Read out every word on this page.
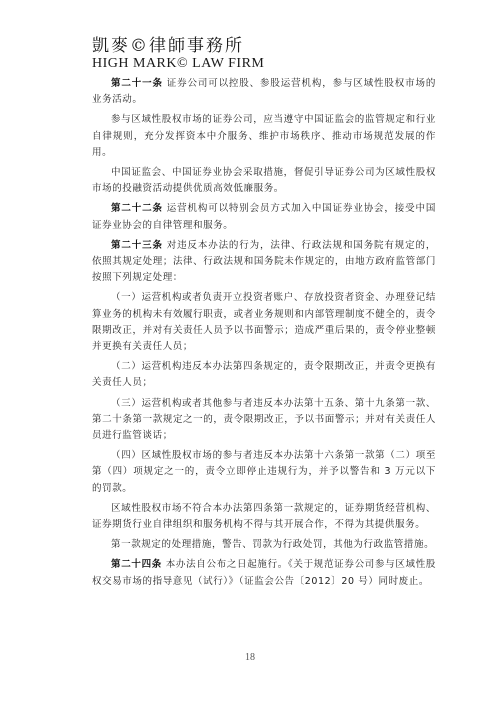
凱麥©律師事務所
HIGH MARK© LAW FIRM

第二十一条 证券公司可以控股、参股运营机构，参与区域性股权市场的业务活动。

参与区域性股权市场的证券公司，应当遵守中国证监会的监管规定和行业自律规则，充分发挥资本中介服务、维护市场秩序、推动市场规范发展的作用。

中国证监会、中国证券业协会采取措施，督促引导证券公司为区域性股权市场的投融资活动提供优质高效低廉服务。

第二十二条 运营机构可以特别会员方式加入中国证券业协会，接受中国证券业协会的自律管理和服务。

第二十三条 对违反本办法的行为，法律、行政法规和国务院有规定的，依照其规定处理；法律、行政法规和国务院未作规定的，由地方政府监管部门按照下列规定处理：

（一）运营机构或者负责开立投资者账户、存放投资者资金、办理登记结算业务的机构未有效履行职责，或者业务规则和内部管理制度不健全的，责令限期改正，并对有关责任人员予以书面警示；造成严重后果的，责令停业整顿并更换有关责任人员；

（二）运营机构违反本办法第四条规定的，责令限期改正，并责令更换有关责任人员；

（三）运营机构或者其他参与者违反本办法第十五条、第十九条第一款、第二十条第一款规定之一的，责令限期改正，予以书面警示；并对有关责任人员进行监管谈话；

（四）区域性股权市场的参与者违反本办法第十六条第一款第（二）项至第（四）项规定之一的，责令立即停止违规行为，并予以警告和 3 万元以下的罚款。

区域性股权市场不符合本办法第四条第一款规定的，证券期货经营机构、证券期货行业自律组织和服务机构不得与其开展合作，不得为其提供服务。

第一款规定的处理措施，警告、罚款为行政处罚，其他为行政监管措施。

第二十四条 本办法自公布之日起施行。《关于规范证券公司参与区域性股权交易市场的指导意见（试行）》（证监会公告〔2012〕20 号）同时废止。

18
